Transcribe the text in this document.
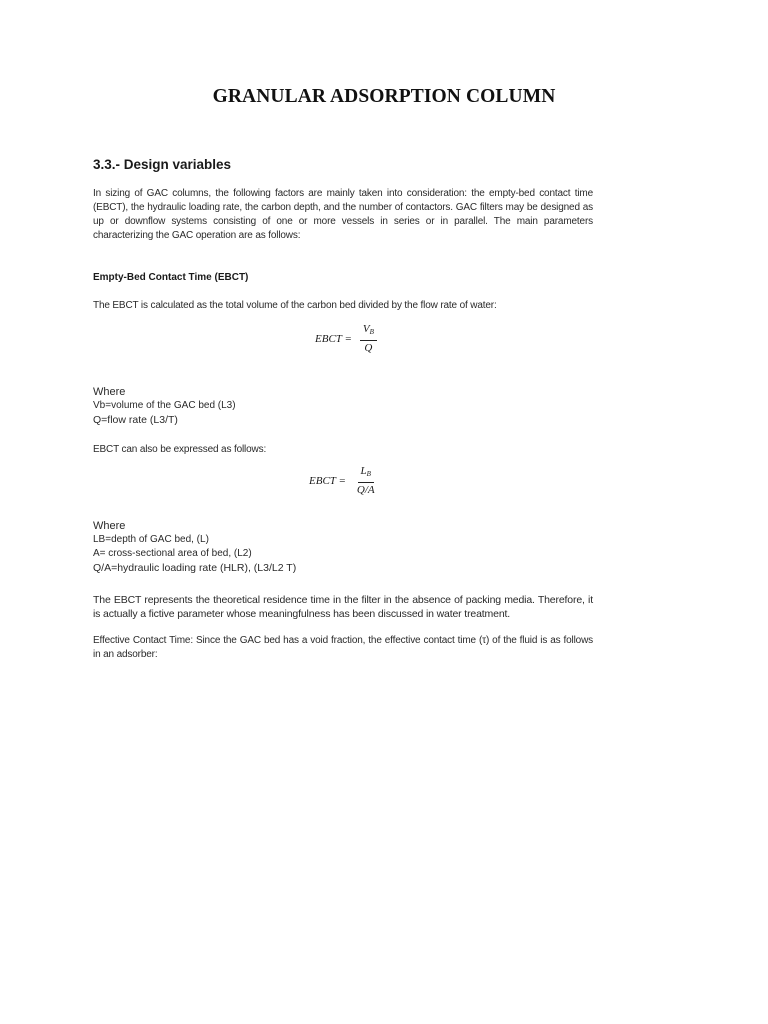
GRANULAR ADSORPTION COLUMN
3.3.- Design variables

In sizing of GAC columns, the following factors are mainly taken into consideration: the empty-bed contact time (EBCT), the hydraulic loading rate, the carbon depth, and the number of contactors. GAC filters may be designed as up or downflow systems consisting of one or more vessels in series or in parallel. The main parameters characterizing the GAC operation are as follows:

Empty-Bed Contact Time (EBCT)

The EBCT is calculated as the total volume of the carbon bed divided by the flow rate of water:

EBCT = $\frac{V_B}{Q}$

Where

Vb=volume of the GAC bed (L3)

Q=flow rate (L3/T)

EBCT can also be expressed as follows:

EBCT = $\frac{L_B}{Q/A}$

Where

LB=depth of GAC bed, (L)

A= cross-sectional area of bed, (L2)

Q/A=hydraulic loading rate (HLR), (L3/L2 T)

The EBCT represents the theoretical residence time in the filter in the absence of packing media. Therefore, it is actually a fictive parameter whose meaningfulness has been discussed in water treatment.

Effective Contact Time: Since the GAC bed has a void fraction, the effective contact time (τ) of the fluid is as follows in an adsorber:
